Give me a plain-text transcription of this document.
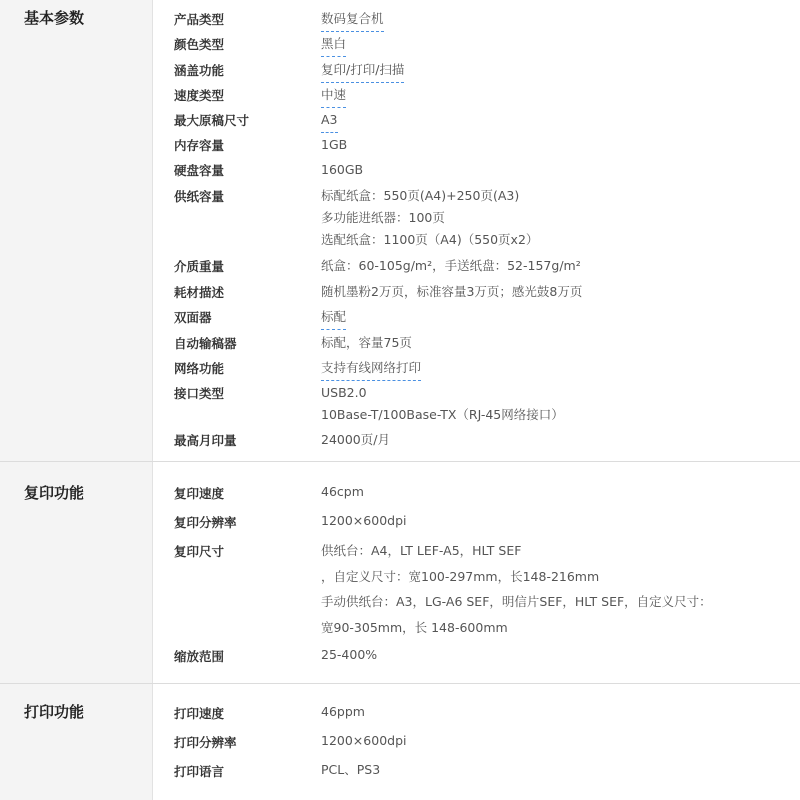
基本参数	产品类型	数码复合机
颜色类型	黑白
涵盖功能	复印/打印/扫描
速度类型	中速
最大原稿尺寸	A3
内存容量	1GB
硬盘容量	160GB
供纸容量	标配纸盒：550页(A4)+250页(A3)
多功能进纸器：100页
选配纸盒：1100页（A4)（550页x2）
介质重量	纸盒：60-105g/m²，手送纸盘：52-157g/m²
耗材描述	随机墨粉2万页，标准容量3万页；感光鼓8万页
双面器	标配
自动输稿器	标配，容量75页
网络功能	支持有线网络打印
接口类型	USB2.0
10Base-T/100Base-TX（RJ-45网络接口）
最高月印量	24000页/月
复印功能	复印速度	46cpm
复印分辨率	1200×600dpi
复印尺寸	供纸台：A4，LT LEF-A5，HLT SEF
，自定义尺寸：宽100-297mm，长148-216mm
手动供纸台：A3，LG-A6 SEF，明信片SEF，HLT SEF，自定义尺寸：
宽90-305mm，长 148-600mm
缩放范围	25-400%
打印功能	打印速度	46ppm
打印分辨率	1200×600dpi
打印语言	PCL、PS3
